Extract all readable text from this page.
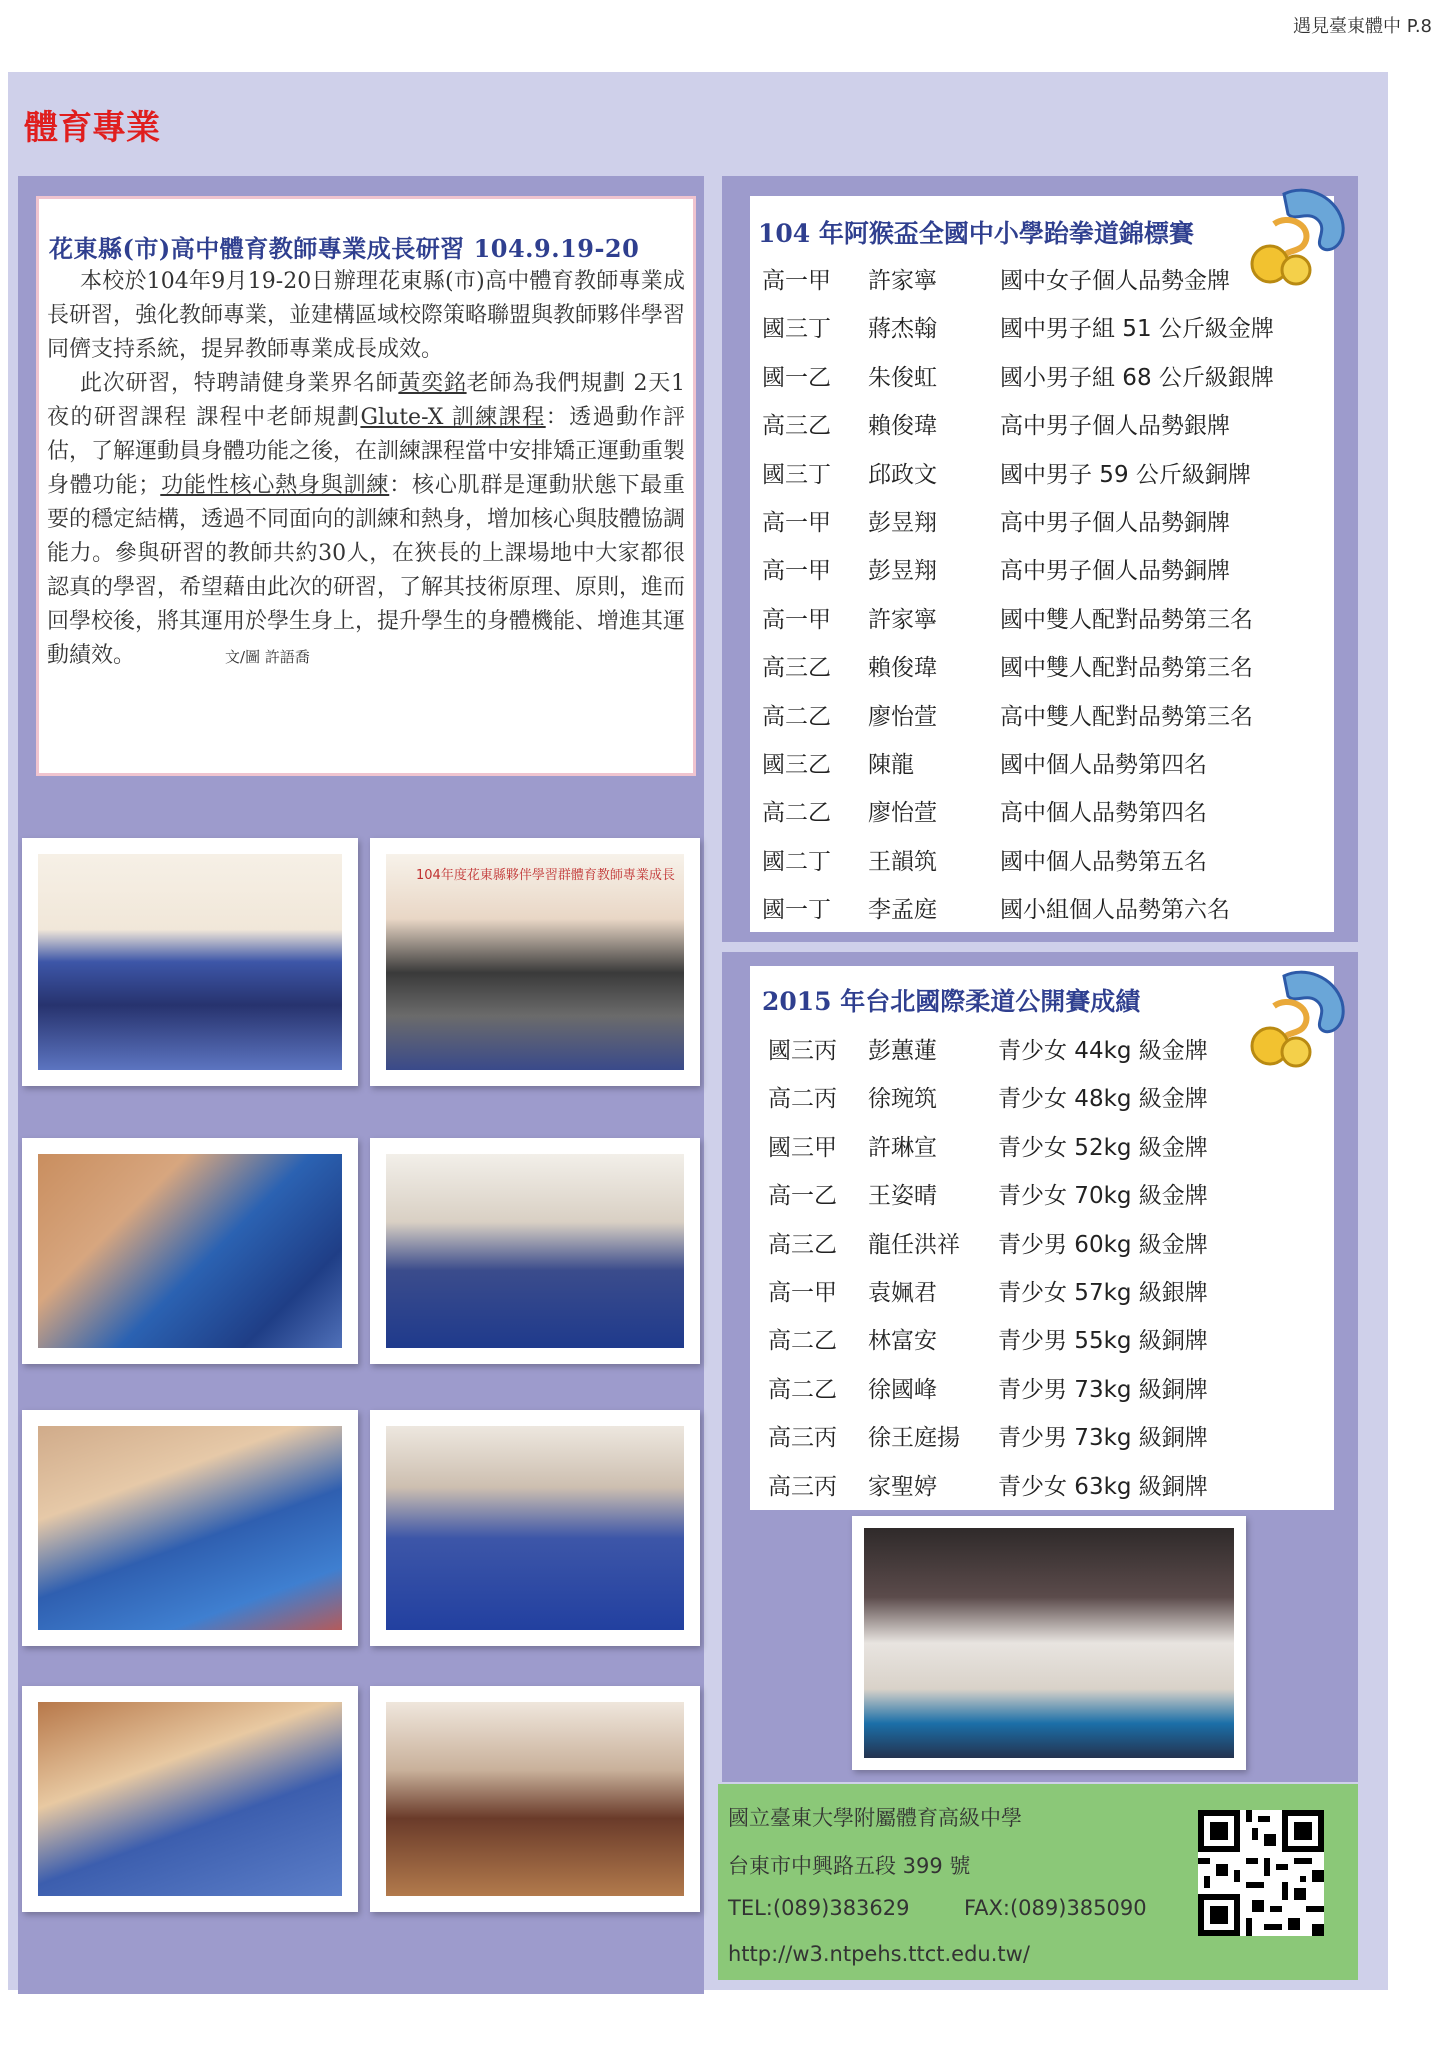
遇見臺東體中 P.8
體育專業
花東縣(市)高中體育教師專業成長研習 104.9.19-20

本校於104年9月19-20日辦理花東縣(市)高中體育教師專業成長研習，強化教師專業，並建構區域校際策略聯盟與教師夥伴學習同儕支持系統，提昇教師專業成長成效。

此次研習，特聘請健身業界名師黃奕銘老師為我們規劃 2天1夜的研習課程 課程中老師規劃Glute-X 訓練課程：透過動作評估，了解運動員身體功能之後，在訓練課程當中安排矯正運動重製身體功能；功能性核心熱身與訓練：核心肌群是運動狀態下最重要的穩定結構，透過不同面向的訓練和熱身，增加核心與肢體協調能力。參與研習的教師共約30人，在狹長的上課場地中大家都很認真的學習，希望藉由此次的研習，了解其技術原理、原則，進而回學校後，將其運用於學生身上，提升學生的身體機能、增進其運動績效。	文/圖 許語喬

104年度花東縣夥伴學習群體育教師專業成長
104 年阿猴盃全國中小學跆拳道錦標賽
高一甲 許家寧	國中女子個人品勢金牌
國三丁 蔣杰翰	國中男子組 51 公斤級金牌
國一乙 朱俊虹	國小男子組 68 公斤級銀牌
高三乙 賴俊瑋	高中男子個人品勢銀牌
國三丁 邱政文	國中男子 59 公斤級銅牌
高一甲 彭昱翔	高中男子個人品勢銅牌
高一甲 彭昱翔	高中男子個人品勢銅牌
高一甲 許家寧	國中雙人配對品勢第三名
高三乙 賴俊瑋	國中雙人配對品勢第三名
高二乙 廖怡萱	高中雙人配對品勢第三名
國三乙 陳龍	國中個人品勢第四名
高二乙 廖怡萱	高中個人品勢第四名
國二丁 王韻筑	國中個人品勢第五名
國一丁 李孟庭	國小組個人品勢第六名
2015 年台北國際柔道公開賽成績
國三丙 彭蕙蓮	青少女 44kg 級金牌
高二丙 徐琬筑	青少女 48kg 級金牌
國三甲 許琳宣	青少女 52kg 級金牌
高一乙 王姿晴	青少女 70kg 級金牌
高三乙 龍任洪祥 青少男 60kg 級金牌
高一甲 袁姵君	青少女 57kg 級銀牌
高二乙 林富安	青少男 55kg 級銅牌
高二乙 徐國峰	青少男 73kg 級銅牌
高三丙 徐王庭揚 青少男 73kg 級銅牌
高三丙 家聖婷	青少女 63kg 級銅牌
國立臺東大學附屬體育高級中學
台東市中興路五段 399 號
TEL:(089)383629	FAX:(089)385090
http://w3.ntpehs.ttct.edu.tw/
